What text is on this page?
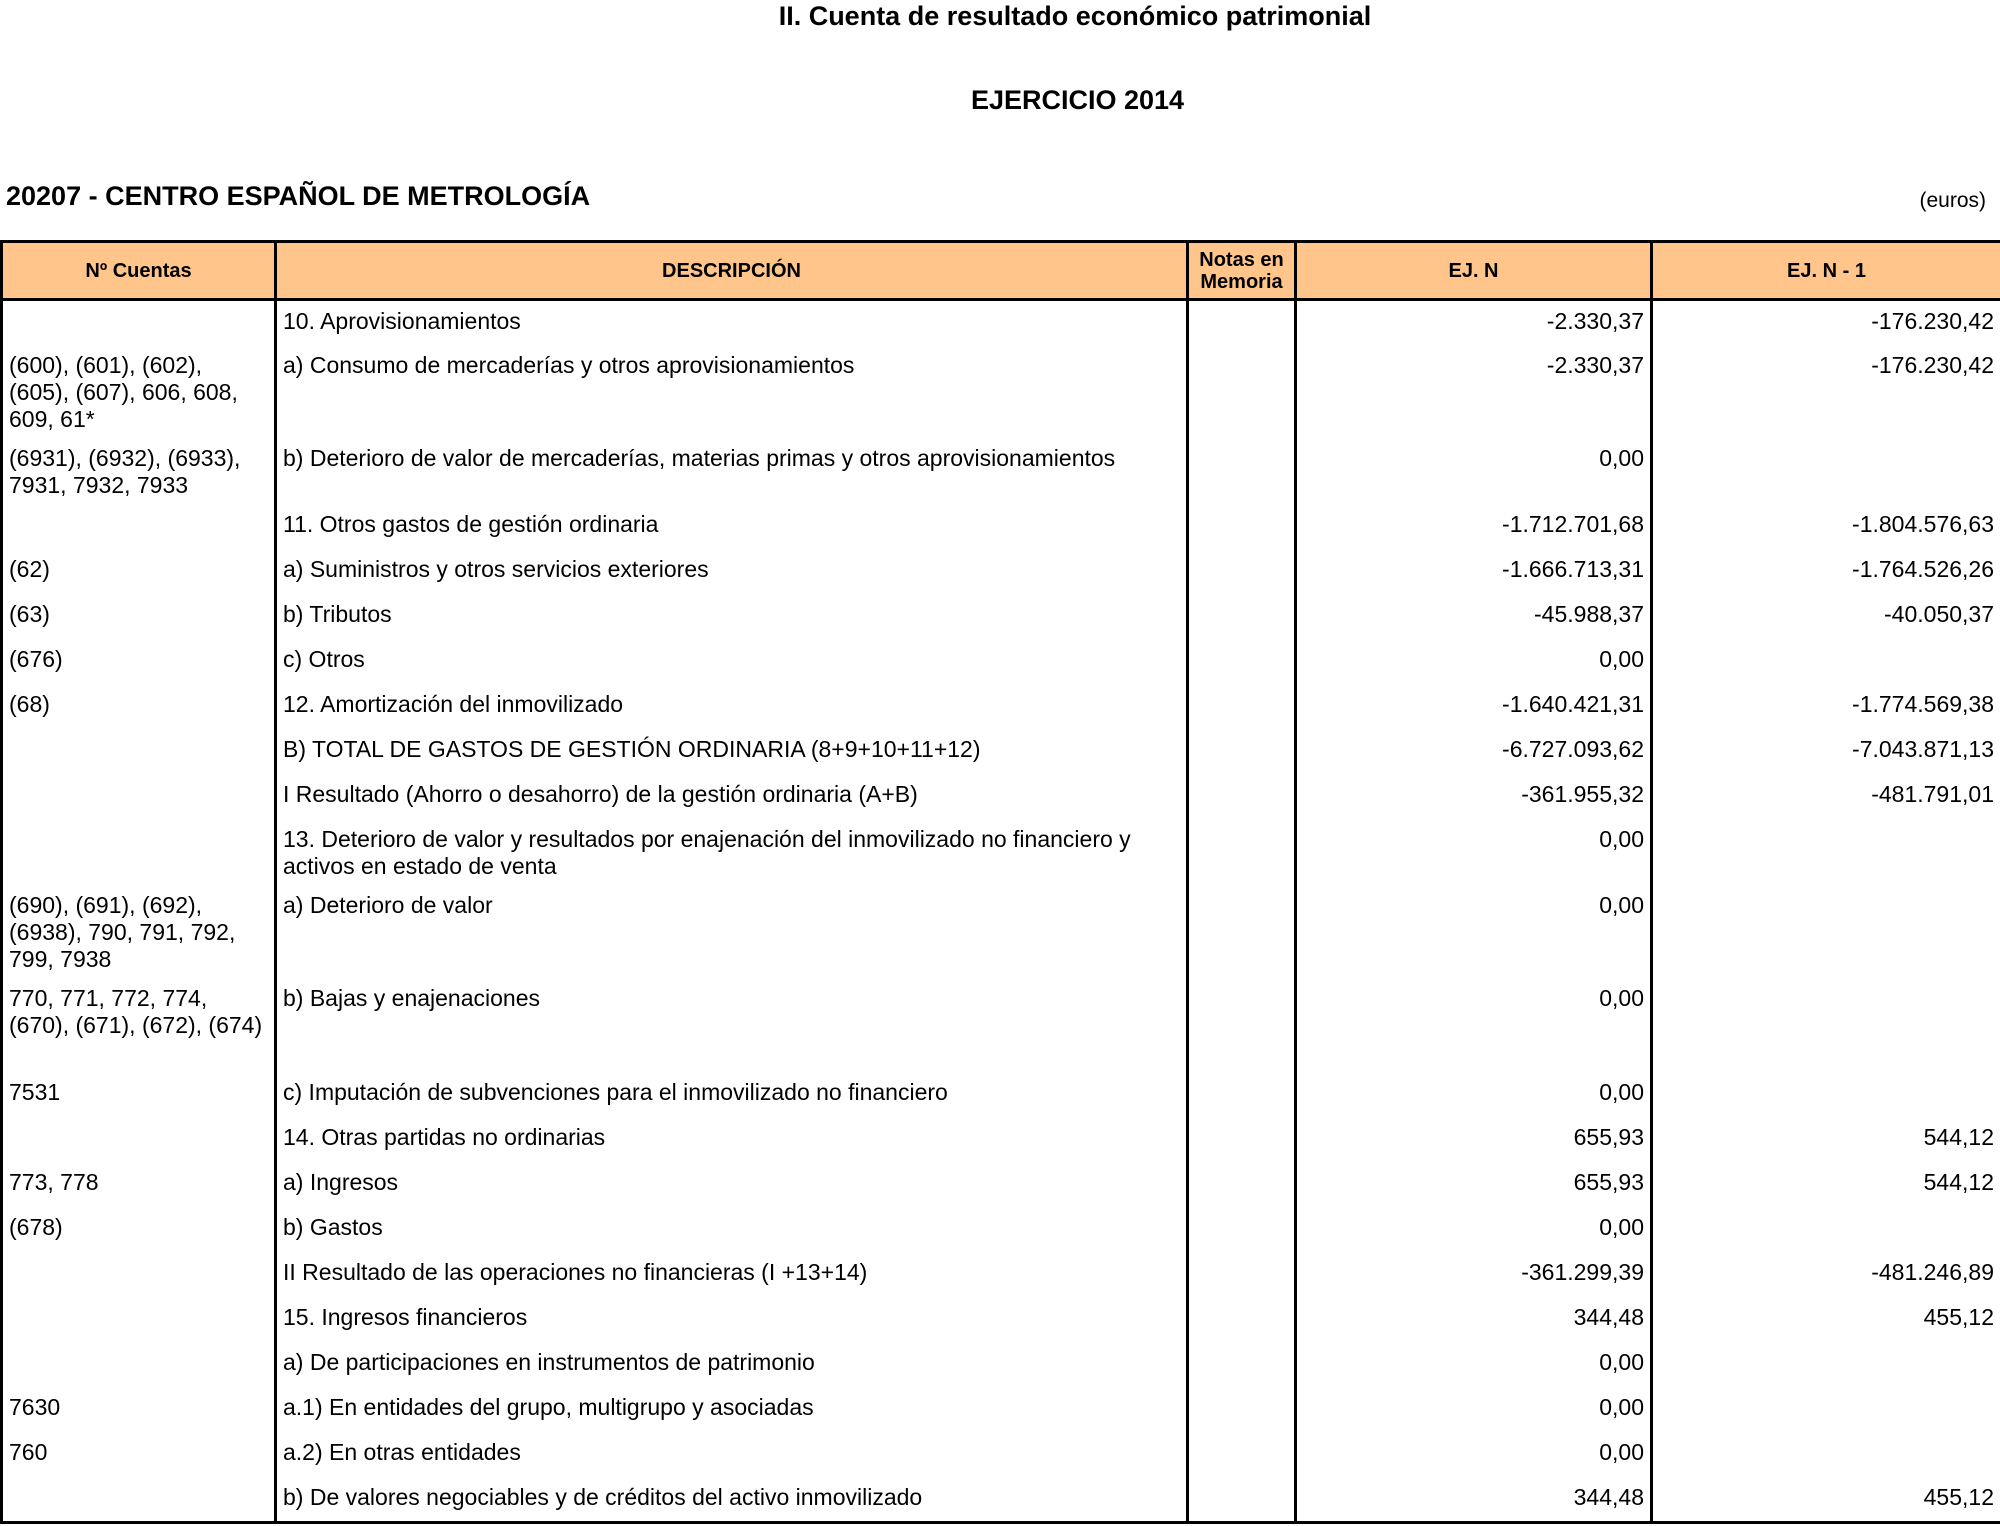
II. Cuenta de resultado económico patrimonial
EJERCICIO 2014
20207 - CENTRO ESPAÑOL DE METROLOGÍA	(euros)
Nº Cuentas	DESCRIPCIÓN	Notas en Memoria	EJ. N	EJ. N - 1
	10. Aprovisionamientos		-2.330,37	-176.230,42
(600), (601), (602), (605), (607), 606, 608, 609, 61*	a) Consumo de mercaderías y otros aprovisionamientos		-2.330,37	-176.230,42
(6931), (6932), (6933), 7931, 7932, 7933	b) Deterioro de valor de mercaderías, materias primas y otros aprovisionamientos		0,00	
	11. Otros gastos de gestión ordinaria		-1.712.701,68	-1.804.576,63
(62)	a) Suministros y otros servicios exteriores		-1.666.713,31	-1.764.526,26
(63)	b) Tributos		-45.988,37	-40.050,37
(676)	c) Otros		0,00	
(68)	12. Amortización del inmovilizado		-1.640.421,31	-1.774.569,38
	B) TOTAL DE GASTOS DE GESTIÓN ORDINARIA (8+9+10+11+12)		-6.727.093,62	-7.043.871,13
	I Resultado (Ahorro o desahorro) de la gestión ordinaria (A+B)		-361.955,32	-481.791,01
	13. Deterioro de valor y resultados por enajenación del inmovilizado no financiero y activos en estado de venta		0,00	
(690), (691), (692), (6938), 790, 791, 792, 799, 7938	a) Deterioro de valor		0,00	
770, 771, 772, 774, (670), (671), (672), (674)	b) Bajas y enajenaciones		0,00	
7531	c) Imputación de subvenciones para el inmovilizado no financiero		0,00	
	14. Otras partidas no ordinarias		655,93	544,12
773, 778	a) Ingresos		655,93	544,12
(678)	b) Gastos		0,00	
	II Resultado de las operaciones no financieras (I +13+14)		-361.299,39	-481.246,89
	15. Ingresos financieros		344,48	455,12
	a) De participaciones en instrumentos de patrimonio		0,00	
7630	a.1) En entidades del grupo, multigrupo y asociadas		0,00	
760	a.2) En otras entidades		0,00	
	b) De valores negociables y de créditos del activo inmovilizado		344,48	455,12
